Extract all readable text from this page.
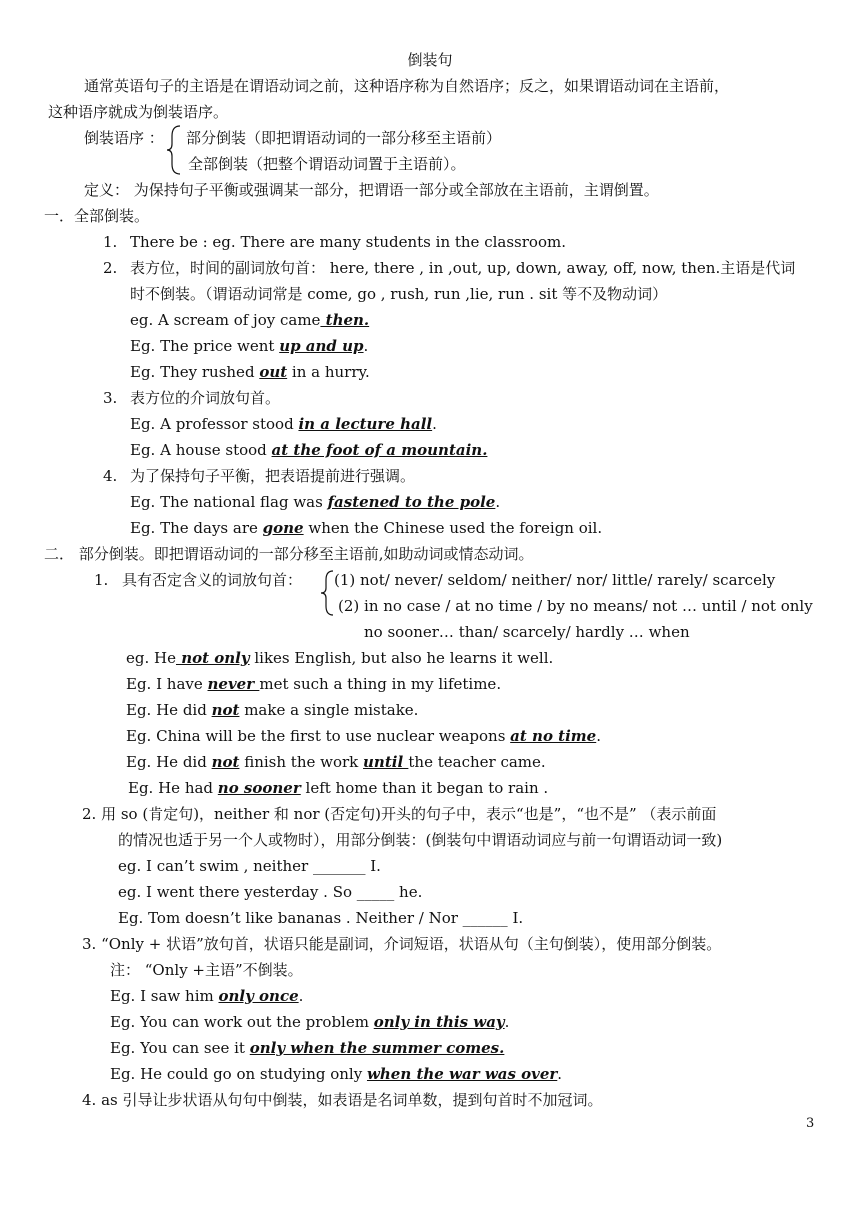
倒装句
通常英语句子的主语是在谓语动词之前，这种语序称为自然语序；反之，如果谓语动词在主语前，
这种语序就成为倒装语序。
倒装语序 ： 部分倒装（即把谓语动词的一部分移至主语前）
全部倒装（把整个谓语动词置于主语前）。
定义： 为保持句子平衡或强调某一部分，把谓语一部分或全部放在主语前，主谓倒置。
一．全部倒装。
1. There be : eg. There are many students in the classroom.
2. 表方位，时间的副词放句首： here, there , in ,out, up, down, away, off, now, then.主语是代词
时不倒装。（谓语动词常是 come, go , rush, run ,lie, run . sit 等不及物动词）
eg. A scream of joy came then.
Eg. The price went up and up.
Eg. They rushed out in a hurry.
3. 表方位的介词放句首。
Eg. A professor stood in a lecture hall.
Eg. A house stood at the foot of a mountain.
4. 为了保持句子平衡，把表语提前进行强调。
Eg. The national flag was fastened to the pole.
Eg. The days are gone when the Chinese used the foreign oil.
二． 部分倒装。即把谓语动词的一部分移至主语前,如助动词或情态动词。
1. 具有否定含义的词放句首： (1) not/ never/ seldom/ neither/ nor/ little/ rarely/ scarcely
(2) in no case / at no time / by no means/ not … until / not only
no sooner… than/ scarcely/ hardly … when
eg. He not only likes English, but also he learns it well.
Eg. I have never met such a thing in my lifetime.
Eg. He did not make a single mistake.
Eg. China will be the first to use nuclear weapons at no time.
Eg. He did not finish the work until the teacher came.
Eg. He had no sooner left home than it began to rain .
2. 用 so (肯定句)，neither 和 nor (否定句)开头的句子中，表示“也是”，“也不是” （表示前面
的情况也适于另一个人或物时），用部分倒装：(倒装句中谓语动词应与前一句谓语动词一致)
eg. I can’t swim , neither _______ I.
eg. I went there yesterday . So _____ he.
Eg. Tom doesn’t like bananas . Neither / Nor ______ I.
3. “Only + 状语”放句首，状语只能是副词，介词短语，状语从句（主句倒装），使用部分倒装。
注： “Only +主语”不倒装。
Eg. I saw him only once.
Eg. You can work out the problem only in this way.
Eg. You can see it only when the summer comes.
Eg. He could go on studying only when the war was over.
4. as 引导让步状语从句句中倒装，如表语是名词单数，提到句首时不加冠词。
3
